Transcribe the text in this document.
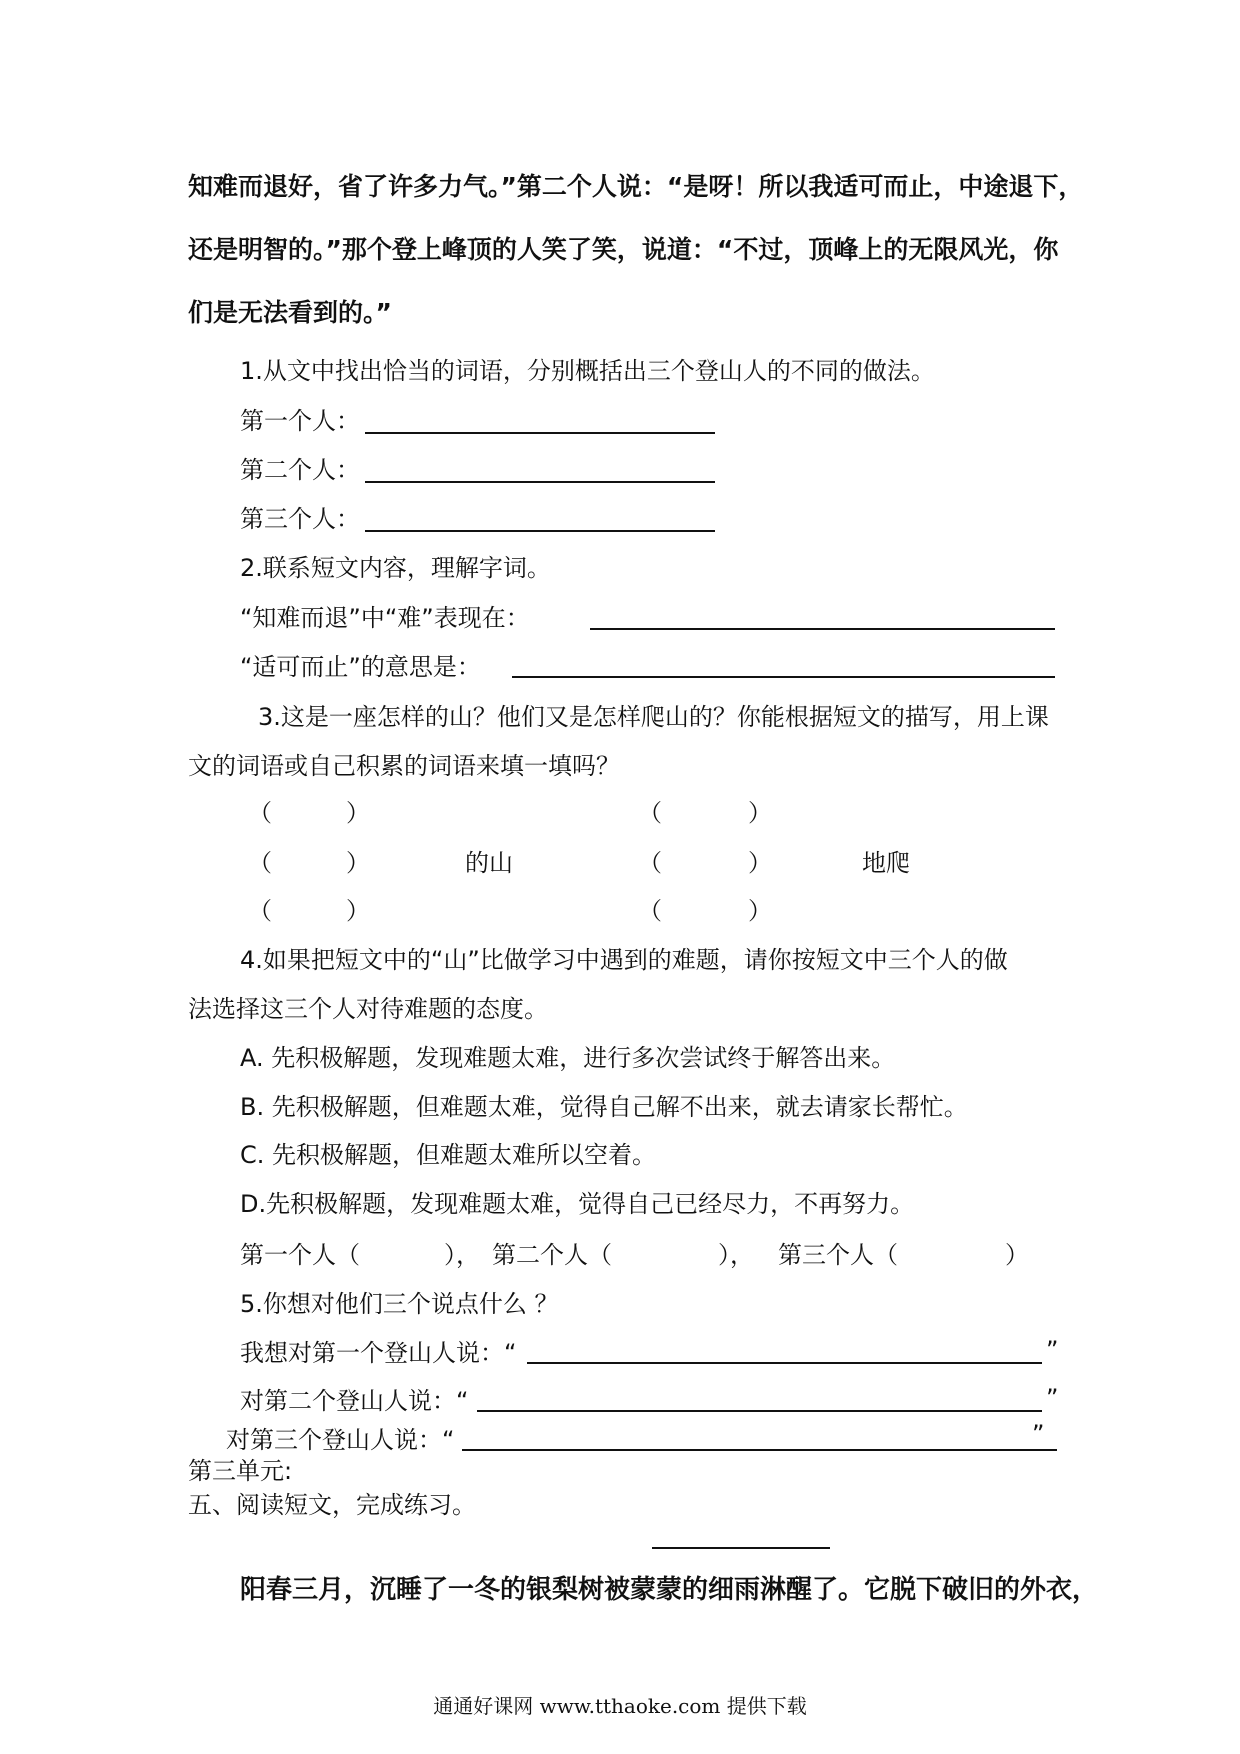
知难而退好，省了许多力气。”第二个人说：“是呀！所以我适可而止，中途退下，
还是明智的。”那个登上峰顶的人笑了笑，说道：“不过，顶峰上的无限风光，你
们是无法看到的。”
1.从文中找出恰当的词语，分别概括出三个登山人的不同的做法。
第一个人：
第二个人：
第三个人：
2.联系短文内容，理解字词。
“知难而退”中“难”表现在：
“适可而止”的意思是：
3.这是一座怎样的山？他们又是怎样爬山的？你能根据短文的描写，用上课
文的词语或自己积累的词语来填一填吗？
（	）	（	）
（	）	的山	（	）	地爬
（	）	（	）
4.如果把短文中的“山”比做学习中遇到的难题，请你按短文中三个人的做
法选择这三个人对待难题的态度。
A. 先积极解题，发现难题太难，进行多次尝试终于解答出来。
B. 先积极解题，但难题太难，觉得自己解不出来，就去请家长帮忙。
C. 先积极解题，但难题太难所以空着。
D.先积极解题，发现难题太难，觉得自己已经尽力，不再努力。
第一个人（	）， 第二个人（	）， 第三个人（	）
5.你想对他们三个说点什么 ？
我想对第一个登山人说：“	”
对第二个登山人说：“	”
对第三个登山人说：“	”
第三单元:
五、阅读短文，完成练习。
阳春三月，沉睡了一冬的银梨树被蒙蒙的细雨淋醒了。它脱下破旧的外衣，
通通好课网 www.tthaoke.com 提供下载
